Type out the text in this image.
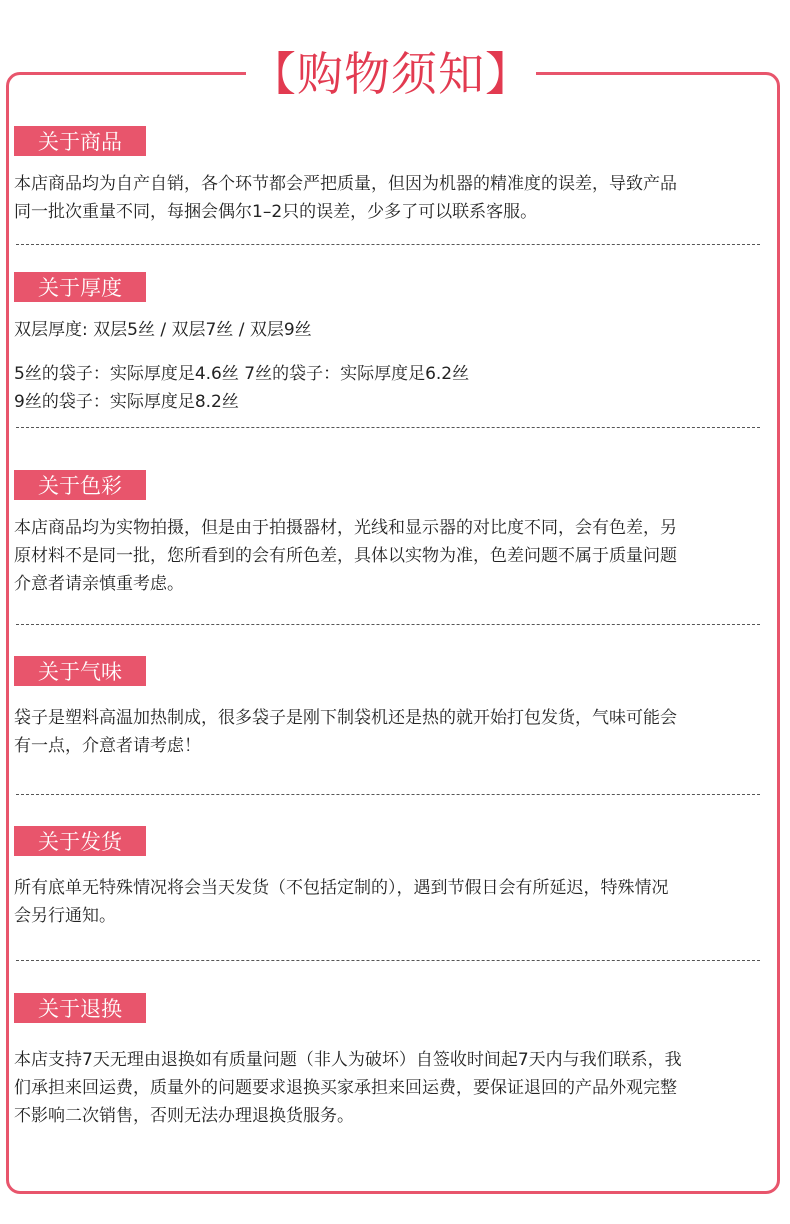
【购物须知】
关于商品

本店商品均为自产自销，各个环节都会严把质量，但因为机器的精准度的误差，导致产品
同一批次重量不同，每捆会偶尔1–2只的误差，少多了可以联系客服。

关于厚度

双层厚度: 双层5丝 / 双层7丝 / 双层9丝

5丝的袋子：实际厚度足4.6丝 7丝的袋子：实际厚度足6.2丝
9丝的袋子：实际厚度足8.2丝

关于色彩

本店商品均为实物拍摄，但是由于拍摄器材，光线和显示器的对比度不同，会有色差，另
原材料不是同一批，您所看到的会有所色差，具体以实物为准，色差问题不属于质量问题
介意者请亲慎重考虑。

关于气味

袋子是塑料高温加热制成，很多袋子是刚下制袋机还是热的就开始打包发货，气味可能会
有一点，介意者请考虑！

关于发货

所有底单无特殊情况将会当天发货（不包括定制的），遇到节假日会有所延迟，特殊情况
会另行通知。

关于退换

本店支持7天无理由退换如有质量问题（非人为破坏）自签收时间起7天内与我们联系，我
们承担来回运费，质量外的问题要求退换买家承担来回运费，要保证退回的产品外观完整
不影响二次销售，否则无法办理退换货服务。
